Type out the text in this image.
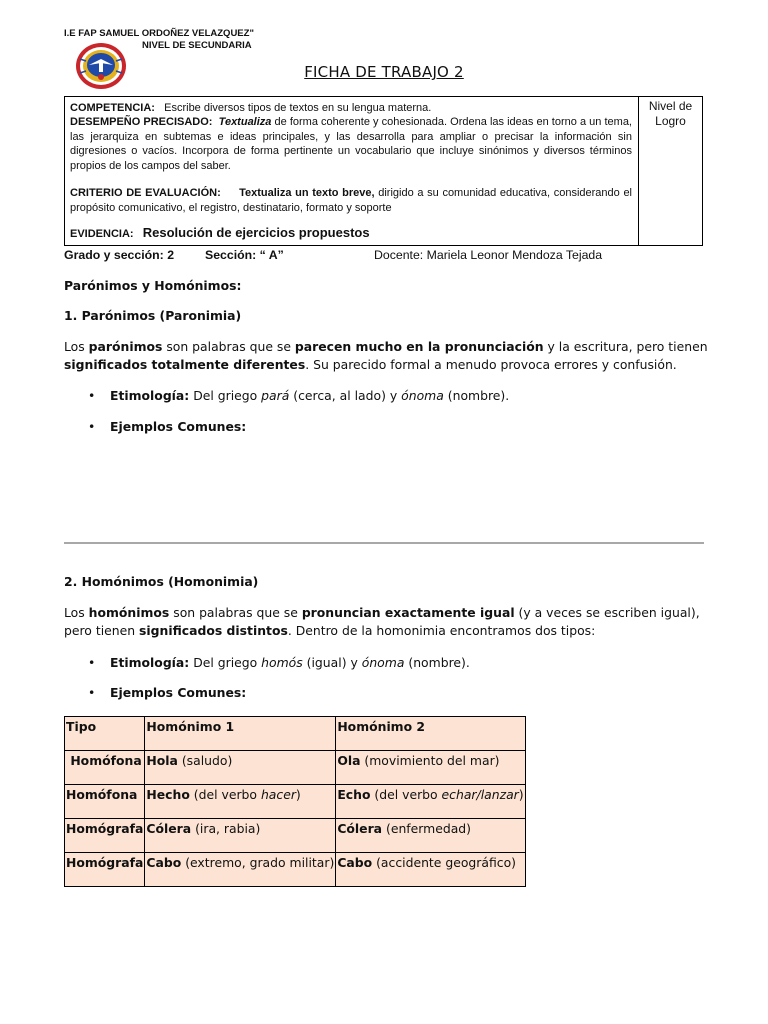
I.E FAP SAMUEL ORDOÑEZ VELAZQUEZ"
NIVEL DE SECUNDARIA
FICHA DE TRABAJO 2
Nivel de
Logro
COMPETENCIA: Escribe diversos tipos de textos en su lengua materna.
DESEMPEÑO PRECISADO: Textualiza de forma coherente y cohesionada. Ordena las ideas en torno a un tema, las jerarquiza en subtemas e ideas principales, y las desarrolla para ampliar o precisar la información sin digresiones o vacíos. Incorpora de forma pertinente un vocabulario que incluye sinónimos y diversos términos propios de los campos del saber.
CRITERIO DE EVALUACIÓN: Textualiza un texto breve, dirigido a su comunidad educativa, considerando el propósito comunicativo, el registro, destinatario, formato y soporte
EVIDENCIA: Resolución de ejercicios propuestos
Grado y sección: 2	Sección: “ A”	Docente: Mariela Leonor Mendoza Tejada
Parónimos y Homónimos:
1. Parónimos (Paronimia)
Los parónimos son palabras que se parecen mucho en la pronunciación y la escritura, pero tienen significados totalmente diferentes. Su parecido formal a menudo provoca errores y confusión.
• Etimología: Del griego pará (cerca, al lado) y ónoma (nombre).
• Ejemplos Comunes:
2. Homónimos (Homonimia)
Los homónimos son palabras que se pronuncian exactamente igual (y a veces se escriben igual), pero tienen significados distintos. Dentro de la homonimia encontramos dos tipos:
• Etimología: Del griego homós (igual) y ónoma (nombre).
• Ejemplos Comunes:
Tipo	Homónimo 1	Homónimo 2
Homófona	Hola (saludo)	Ola (movimiento del mar)
Homófona	Hecho (del verbo hacer)	Echo (del verbo echar/lanzar)
Homógrafa	Cólera (ira, rabia)	Cólera (enfermedad)
Homógrafa	Cabo (extremo, grado militar)	Cabo (accidente geográfico)
